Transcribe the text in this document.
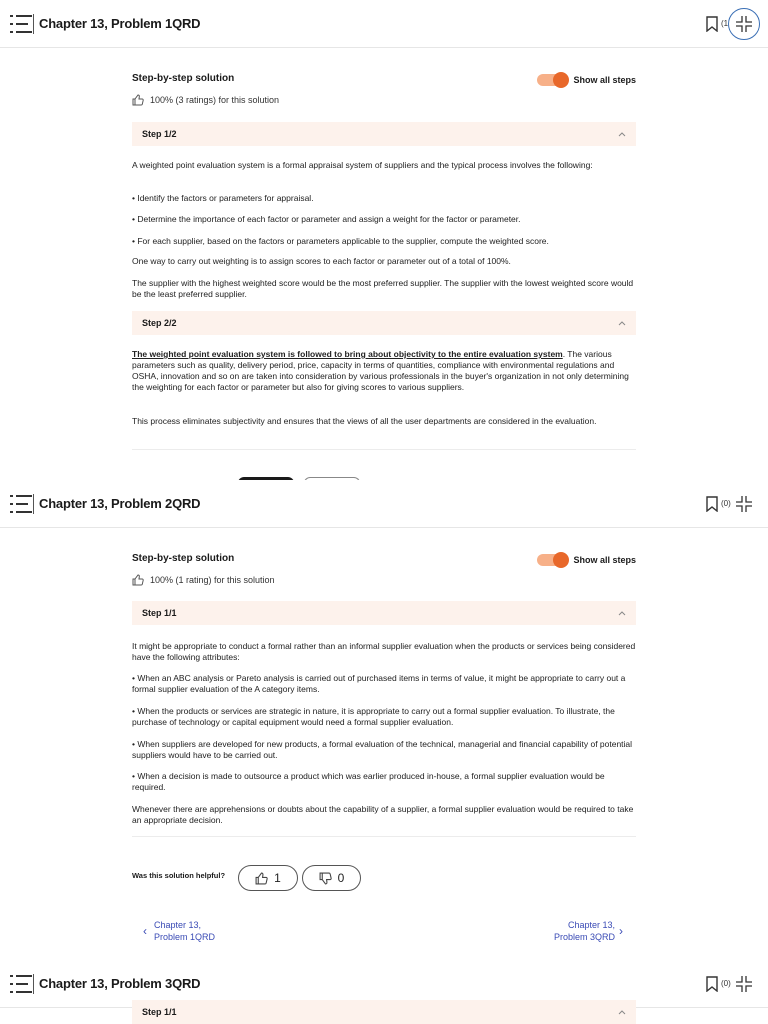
Chapter 13, Problem 1QRD	(1
Step-by-step solution	Show all steps
100% (3 ratings) for this solution
Step 1/2
A weighted point evaluation system is a formal appraisal system of suppliers and the typical process involves the following:
• Identify the factors or parameters for appraisal.
• Determine the importance of each factor or parameter and assign a weight for the factor or parameter.
• For each supplier, based on the factors or parameters applicable to the supplier, compute the weighted score.
One way to carry out weighting is to assign scores to each factor or parameter out of a total of 100%.
The supplier with the highest weighted score would be the most preferred supplier. The supplier with the lowest weighted score would be the least preferred supplier.
Step 2/2
The weighted point evaluation system is followed to bring about objectivity to the entire evaluation system. The various parameters such as quality, delivery period, price, capacity in terms of quantities, compliance with environmental regulations and OSHA, innovation and so on are taken into consideration by various professionals in the buyer's organization in not only determining the weighting for each factor or parameter but also for giving scores to various suppliers.
This process eliminates subjectivity and ensures that the views of all the user departments are considered in the evaluation.
Chapter 13, Problem 2QRD	(0)
Step-by-step solution	Show all steps
100% (1 rating) for this solution
Step 1/1
It might be appropriate to conduct a formal rather than an informal supplier evaluation when the products or services being considered have the following attributes:
• When an ABC analysis or Pareto analysis is carried out of purchased items in terms of value, it might be appropriate to carry out a formal supplier evaluation of the A category items.
• When the products or services are strategic in nature, it is appropriate to carry out a formal supplier evaluation. To illustrate, the purchase of technology or capital equipment would need a formal supplier evaluation.
• When suppliers are developed for new products, a formal evaluation of the technical, managerial and financial capability of potential suppliers would have to be carried out.
• When a decision is made to outsource a product which was earlier produced in-house, a formal supplier evaluation would be required.
Whenever there are apprehensions or doubts about the capability of a supplier, a formal supplier evaluation would be required to take an appropriate decision.
Was this solution helpful?	1	0
‹ Chapter 13,
Problem 1QRD
Chapter 13,
Problem 3QRD ›
Chapter 13, Problem 3QRD	(0)
Step 1/1
